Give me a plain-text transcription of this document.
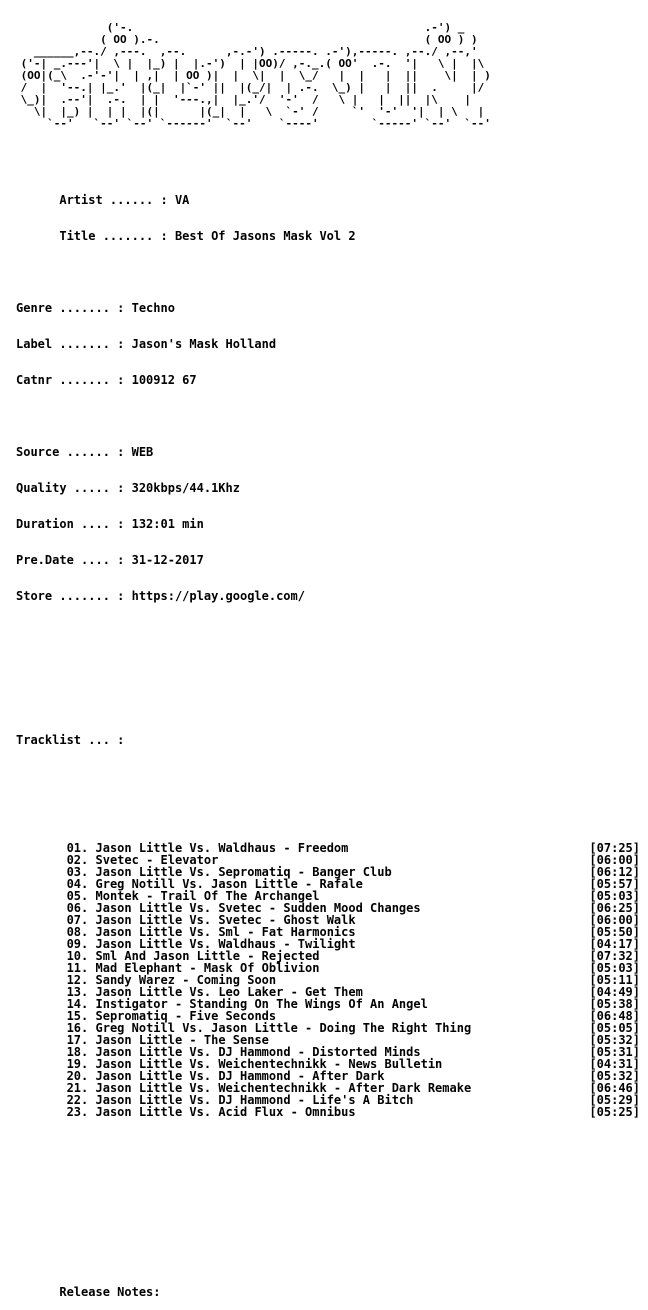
('-.                                            .-') _
( OO ).-.                                        ( OO ) )
______,--./ ,---.  ,--.      ,-.-') .-----. .-'),-----. ,--./ ,--,'
('-| _.---'|  \ |  |_) |  |.-')  | |OO)/ ,-._.( OO'  .-.  '|   \ |  |\
(OO|(_\  .-'-'|  | ,|  | OO )|  |  \|  |  \_/   |  |   |  ||    \|  | )
/  |  '--.| |_.'  |(_|  |`-' ||  |(_/|  | .-.  \_) |   |  ||  .     |/
\_)|  .--'|  .-.  | |  '---.,|  |_.'/  '-'  /   \ |   |  ||  |\    |
\|  |_) |  | |  |(|      |(_|  |   \  `-' /     `'  '-'  '|  | \   |
`--'   `--' `--' `------'  `--'    `----'        `-----' `--'  `--'

Artist ...... : VA

Title ....... : Best Of Jasons Mask Vol 2

Genre ....... : Techno

Label ....... : Jason's Mask Holland

Catnr ....... : 100912 67

Source ...... : WEB

Quality ..... : 320kbps/44.1Khz

Duration .... : 132:01 min

Pre.Date .... : 31-12-2017

Store ....... : https://play.google.com/

Tracklist ... :

01. Jason Little Vs. Waldhaus - Freedom	[07:25]
02. Svetec - Elevator	[06:00]
03. Jason Little Vs. Sepromatiq - Banger Club	[06:12]
04. Greg Notill Vs. Jason Little - Rafale	[05:57]
05. Montek - Trail Of The Archangel	[05:03]
06. Jason Little Vs. Svetec - Sudden Mood Changes	[06:25]
07. Jason Little Vs. Svetec - Ghost Walk	[06:00]
08. Jason Little Vs. Sml - Fat Harmonics	[05:50]
09. Jason Little Vs. Waldhaus - Twilight	[04:17]
10. Sml And Jason Little - Rejected	[07:32]
11. Mad Elephant - Mask Of Oblivion	[05:03]
12. Sandy Warez - Coming Soon	[05:11]
13. Jason Little Vs. Leo Laker - Get Them	[04:49]
14. Instigator - Standing On The Wings Of An Angel	[05:38]
15. Sepromatiq - Five Seconds	[06:48]
16. Greg Notill Vs. Jason Little - Doing The Right Thing	[05:05]
17. Jason Little - The Sense	[05:32]
18. Jason Little Vs. DJ Hammond - Distorted Minds	[05:31]
19. Jason Little Vs. Weichentechnikk - News Bulletin	[04:31]
20. Jason Little Vs. DJ Hammond - After Dark	[05:32]
21. Jason Little Vs. Weichentechnikk - After Dark Remake	[06:46]
22. Jason Little Vs. DJ Hammond - Life's A Bitch	[05:29]
23. Jason Little Vs. Acid Flux - Omnibus	[05:25]

Release Notes:
